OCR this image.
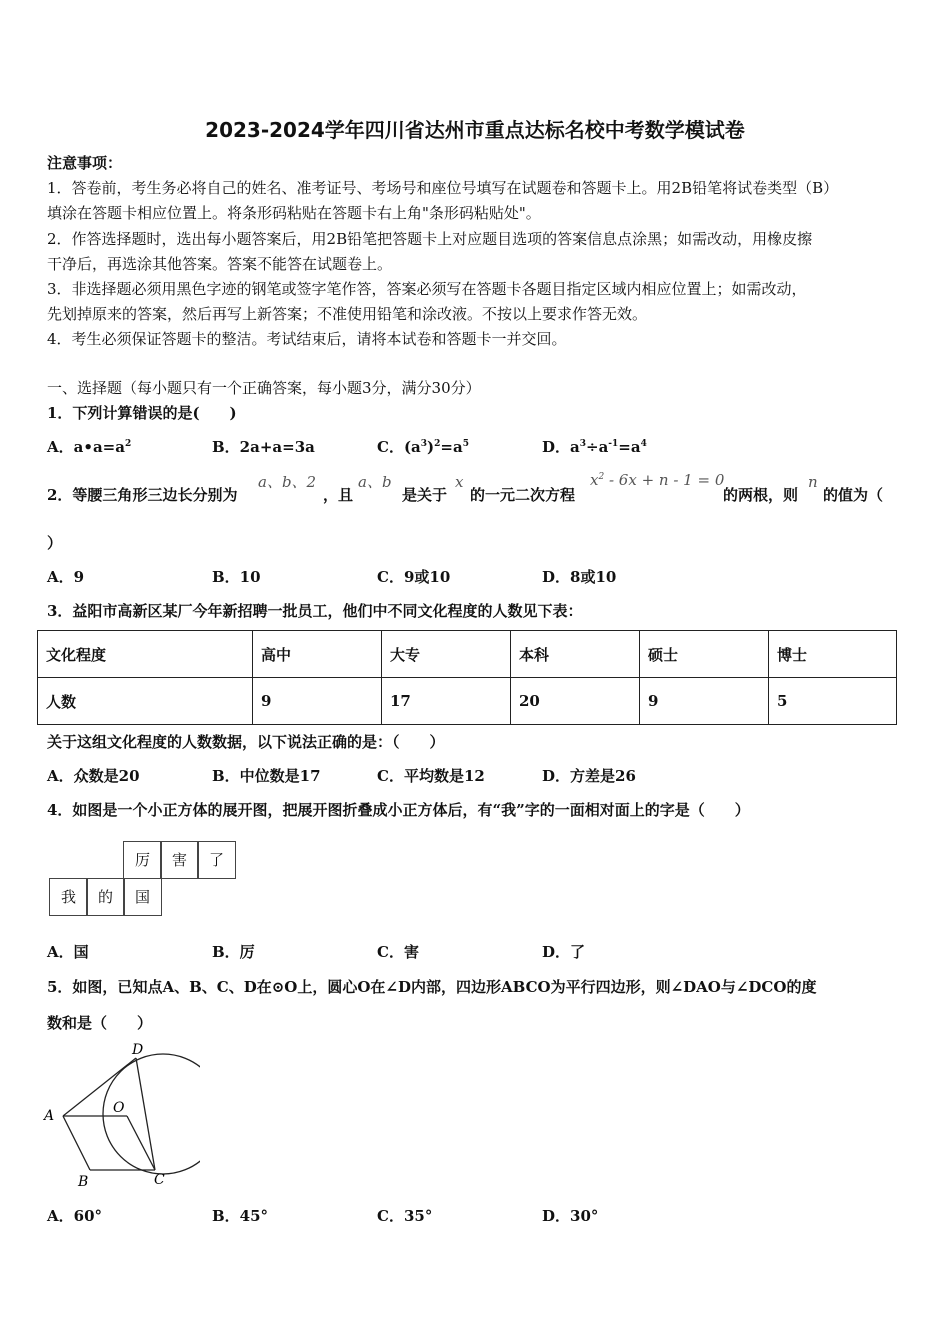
2023-2024学年四川省达州市重点达标名校中考数学模试卷
注意事项：
1．答卷前，考生务必将自己的姓名、准考证号、考场号和座位号填写在试题卷和答题卡上。用2B铅笔将试卷类型（B）
填涂在答题卡相应位置上。将条形码粘贴在答题卡右上角"条形码粘贴处"。
2．作答选择题时，选出每小题答案后，用2B铅笔把答题卡上对应题目选项的答案信息点涂黑；如需改动，用橡皮擦
干净后，再选涂其他答案。答案不能答在试题卷上。
3．非选择题必须用黑色字迹的钢笔或签字笔作答，答案必须写在答题卡各题目指定区域内相应位置上；如需改动，
先划掉原来的答案，然后再写上新答案；不准使用铅笔和涂改液。不按以上要求作答无效。
4．考生必须保证答题卡的整洁。考试结束后，请将本试卷和答题卡一并交回。
一、选择题（每小题只有一个正确答案，每小题3分，满分30分）
1．下列计算错误的是(　　)
A．$a•a=a^2$	B．2a+a=3a	C．$(a^3)^2=a^5$	D．$a^3\div a^{-1}=a^4$
2．等腰三角形三边长分别为
a、b、2
，且
a、b
是关于
x
的一元二次方程
$x^2 - 6x + n - 1 = 0$
的两根，则
n
的值为（
）
A．9	B．10	C．9或10	D．8或10
3．益阳市高新区某厂今年新招聘一批员工，他们中不同文化程度的人数见下表：
文化程度	高中	大专	本科	硕士	博士
人数	9	17	20	9	5
关于这组文化程度的人数数据，以下说法正确的是：（　　）
A．众数是20	B．中位数是17	C．平均数是12	D．方差是26
4．如图是一个小正方体的展开图，把展开图折叠成小正方体后，有“我”字的一面相对面上的字是（　　）
厉	害	了
我	的	国
A．国	B．厉	C．害	D．了
5．如图，已知点A、B、C、D在⊙O上，圆心O在∠D内部，四边形ABCO为平行四边形，则∠DAO与∠DCO的度
数和是（　　）
A
B	C
D
O
A．60°	B．45°	C．35°	D．30°
